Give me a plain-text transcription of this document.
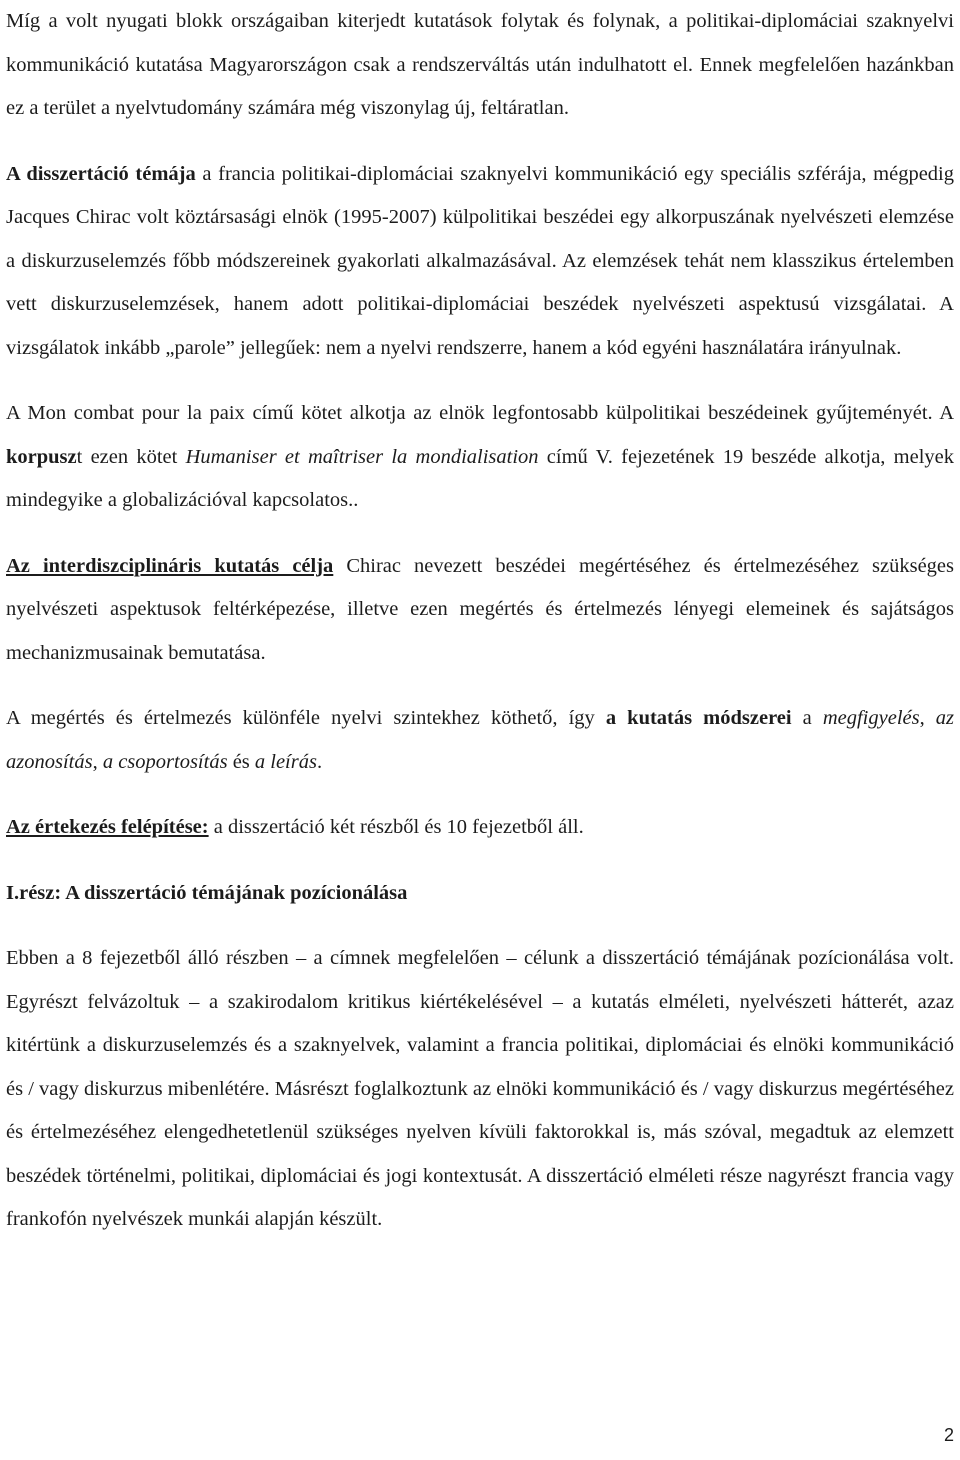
Míg a volt nyugati blokk országaiban kiterjedt kutatások folytak és folynak, a politikai-diplomáciai szaknyelvi kommunikáció kutatása Magyarországon csak a rendszerváltás után indulhatott el. Ennek megfelelően hazánkban ez a terület a nyelvtudomány számára még viszonylag új, feltáratlan.

A disszertáció témája a francia politikai-diplomáciai szaknyelvi kommunikáció egy speciális szférája, mégpedig Jacques Chirac volt köztársasági elnök (1995-2007) külpolitikai beszédei egy alkorpuszának nyelvészeti elemzése a diskurzuselemzés főbb módszereinek gyakorlati alkalmazásával. Az elemzések tehát nem klasszikus értelemben vett diskurzuselemzések, hanem adott politikai-diplomáciai beszédek nyelvészeti aspektusú vizsgálatai. A vizsgálatok inkább „parole” jellegűek: nem a nyelvi rendszerre, hanem a kód egyéni használatára irányulnak.

A Mon combat pour la paix című kötet alkotja az elnök legfontosabb külpolitikai beszédeinek gyűjteményét. A korpuszt ezen kötet Humaniser et maîtriser la mondialisation című V. fejezetének 19 beszéde alkotja, melyek mindegyike a globalizációval kapcsolatos..

Az interdiszciplináris kutatás célja Chirac nevezett beszédei megértéséhez és értelmezéséhez szükséges nyelvészeti aspektusok feltérképezése, illetve ezen megértés és értelmezés lényegi elemeinek és sajátságos mechanizmusainak bemutatása.

A megértés és értelmezés különféle nyelvi szintekhez köthető, így a kutatás módszerei a megfigyelés, az azonosítás, a csoportosítás és a leírás.

Az értekezés felépítése: a disszertáció két részből és 10 fejezetből áll.

I.rész: A disszertáció témájának pozícionálása

Ebben a 8 fejezetből álló részben – a címnek megfelelően – célunk a disszertáció témájának pozícionálása volt. Egyrészt felvázoltuk – a szakirodalom kritikus kiértékelésével – a kutatás elméleti, nyelvészeti hátterét, azaz kitértünk a diskurzuselemzés és a szaknyelvek, valamint a francia politikai, diplomáciai és elnöki kommunikáció és / vagy diskurzus mibenlétére. Másrészt foglalkoztunk az elnöki kommunikáció és / vagy diskurzus megértéséhez és értelmezéséhez elengedhetetlenül szükséges nyelven kívüli faktorokkal is, más szóval, megadtuk az elemzett beszédek történelmi, politikai, diplomáciai és jogi kontextusát. A disszertáció elméleti része nagyrészt francia vagy frankofón nyelvészek munkái alapján készült.

2
